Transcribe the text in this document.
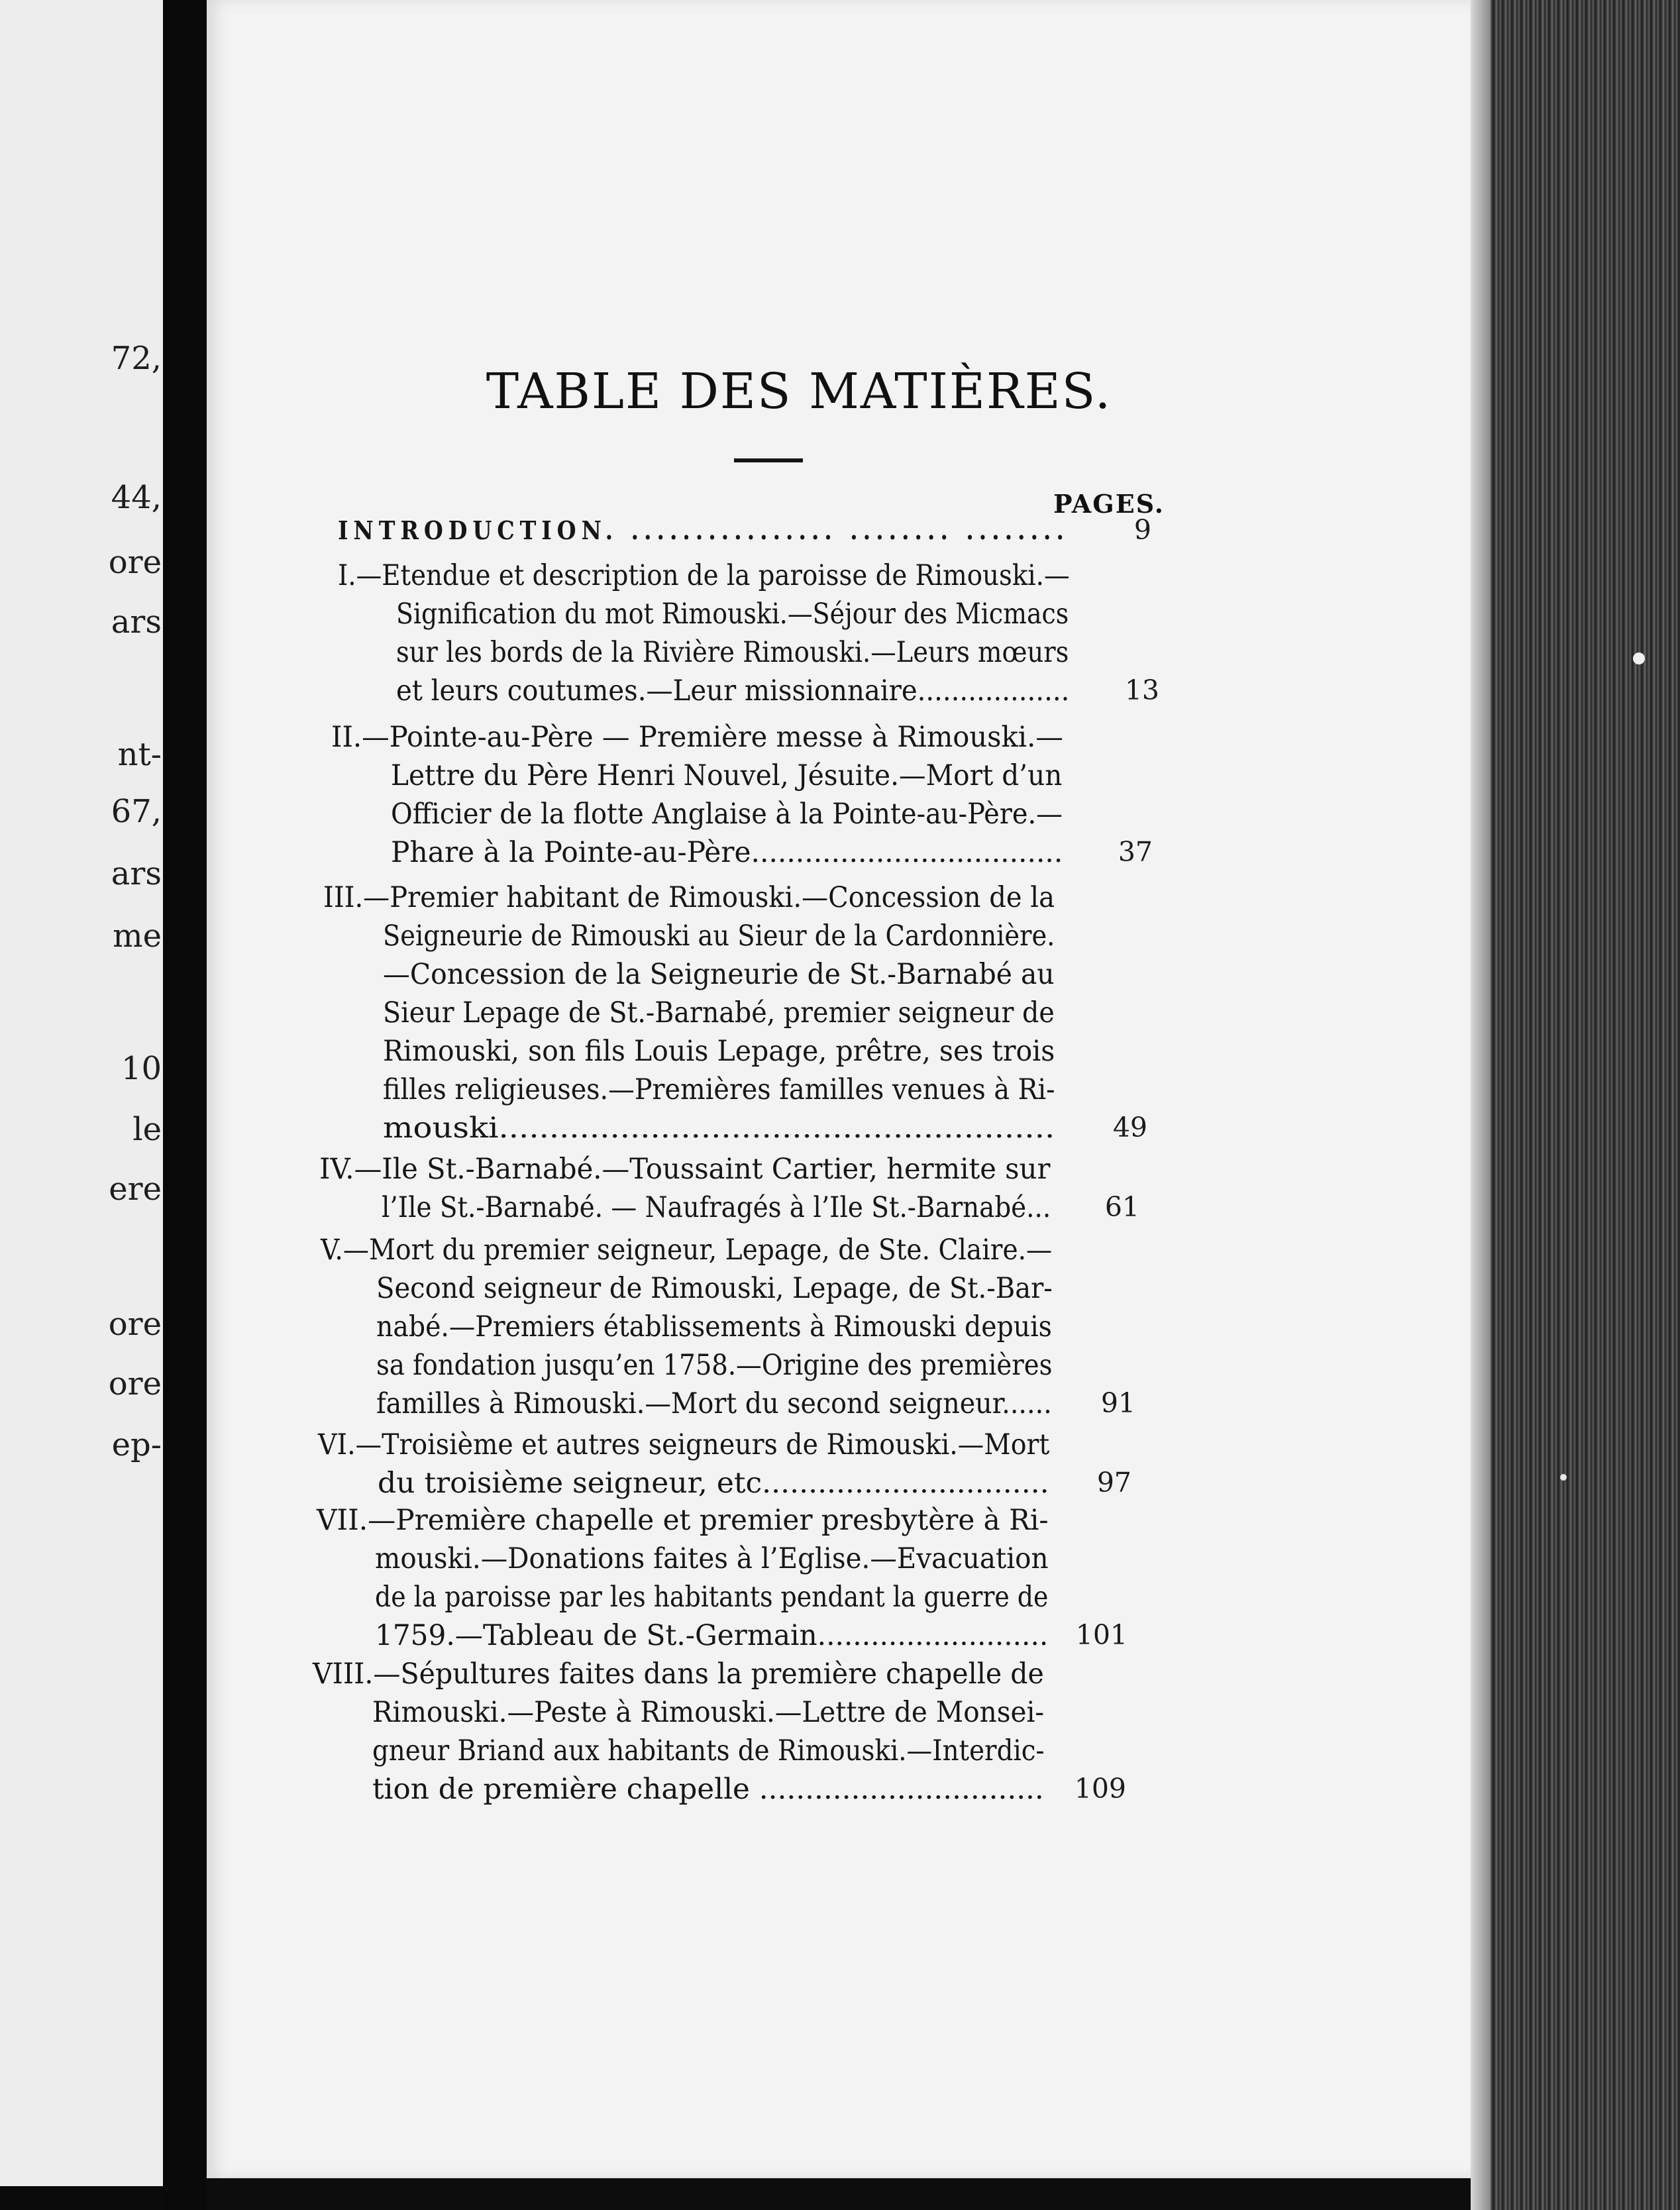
72,
44,
ore
ars
nt-
67,
ars
me
10
le
ere
ore
ore
ep-
TABLE DES MATIÈRES.
PAGES.
INTRODUCTION. ................ ........ ........	9
I.—Etendue et description de la paroisse de Rimouski.—
Signification du mot Rimouski.—Séjour des Micmacs
sur les bords de la Rivière Rimouski.—Leurs mœurs
et leurs coutumes.—Leur missionnaire..................	13
II.—Pointe-au-Père — Première messe à Rimouski.—
Lettre du Père Henri Nouvel, Jésuite.—Mort d’un
Officier de la flotte Anglaise à la Pointe-au-Père.—
Phare à la Pointe-au-Père...................................	37
III.—Premier habitant de Rimouski.—Concession de la
Seigneurie de Rimouski au Sieur de la Cardonnière.
—Concession de la Seigneurie de St.-Barnabé au
Sieur Lepage de St.-Barnabé, premier seigneur de
Rimouski, son fils Louis Lepage, prêtre, ses trois
filles religieuses.—Premières familles venues à Ri-
mouski.......................................................	49
IV.—Ile St.-Barnabé.—Toussaint Cartier, hermite sur
l’Ile St.-Barnabé. — Naufragés à l’Ile St.-Barnabé...	61
V.—Mort du premier seigneur, Lepage, de Ste. Claire.—
Second seigneur de Rimouski, Lepage, de St.-Bar-
nabé.—Premiers établissements à Rimouski depuis
sa fondation jusqu’en 1758.—Origine des premières
familles à Rimouski.—Mort du second seigneur......	91
VI.—Troisième et autres seigneurs de Rimouski.—Mort
du troisième seigneur, etc...............................	97
VII.—Première chapelle et premier presbytère à Ri-
mouski.—Donations faites à l’Eglise.—Evacuation
de la paroisse par les habitants pendant la guerre de
1759.—Tableau de St.-Germain..........................	101
VIII.—Sépultures faites dans la première chapelle de
Rimouski.—Peste à Rimouski.—Lettre de Monsei-
gneur Briand aux habitants de Rimouski.—Interdic-
tion de première chapelle ...............................	109
